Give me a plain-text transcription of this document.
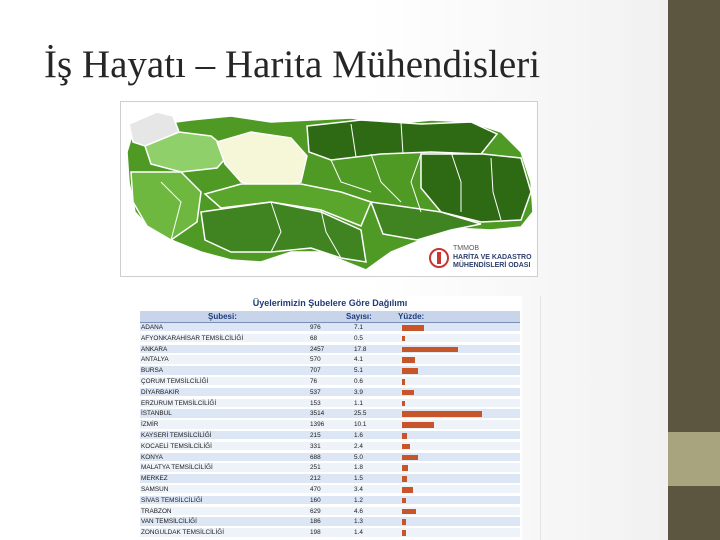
İş Hayatı – Harita Mühendisleri
TMMOB
HARİTA VE KADASTRO
MÜHENDİSLERİ ODASI
Üyelerimizin Şubelere Göre Dağılımı
Şubesi:	Sayısı:	Yüzde:
ADANA	976	7.1
AFYONKARAHİSAR TEMSİLCİLİĞİ	68	0.5
ANKARA	2457	17.8
ANTALYA	570	4.1
BURSA	707	5.1
ÇORUM TEMSİLCİLİĞİ	76	0.6
DİYARBAKIR	537	3.9
ERZURUM TEMSİLCİLİĞİ	153	1.1
İSTANBUL	3514	25.5
İZMİR	1396	10.1
KAYSERİ TEMSİLCİLİĞİ	215	1.6
KOCAELİ TEMSİLCİLİĞİ	331	2.4
KONYA	688	5.0
MALATYA TEMSİLCİLİĞİ	251	1.8
MERKEZ	212	1.5
SAMSUN	470	3.4
SİVAS TEMSİLCİLİĞİ	160	1.2
TRABZON	629	4.6
VAN TEMSİLCİLİĞİ	186	1.3
ZONGULDAK TEMSİLCİLİĞİ	198	1.4
